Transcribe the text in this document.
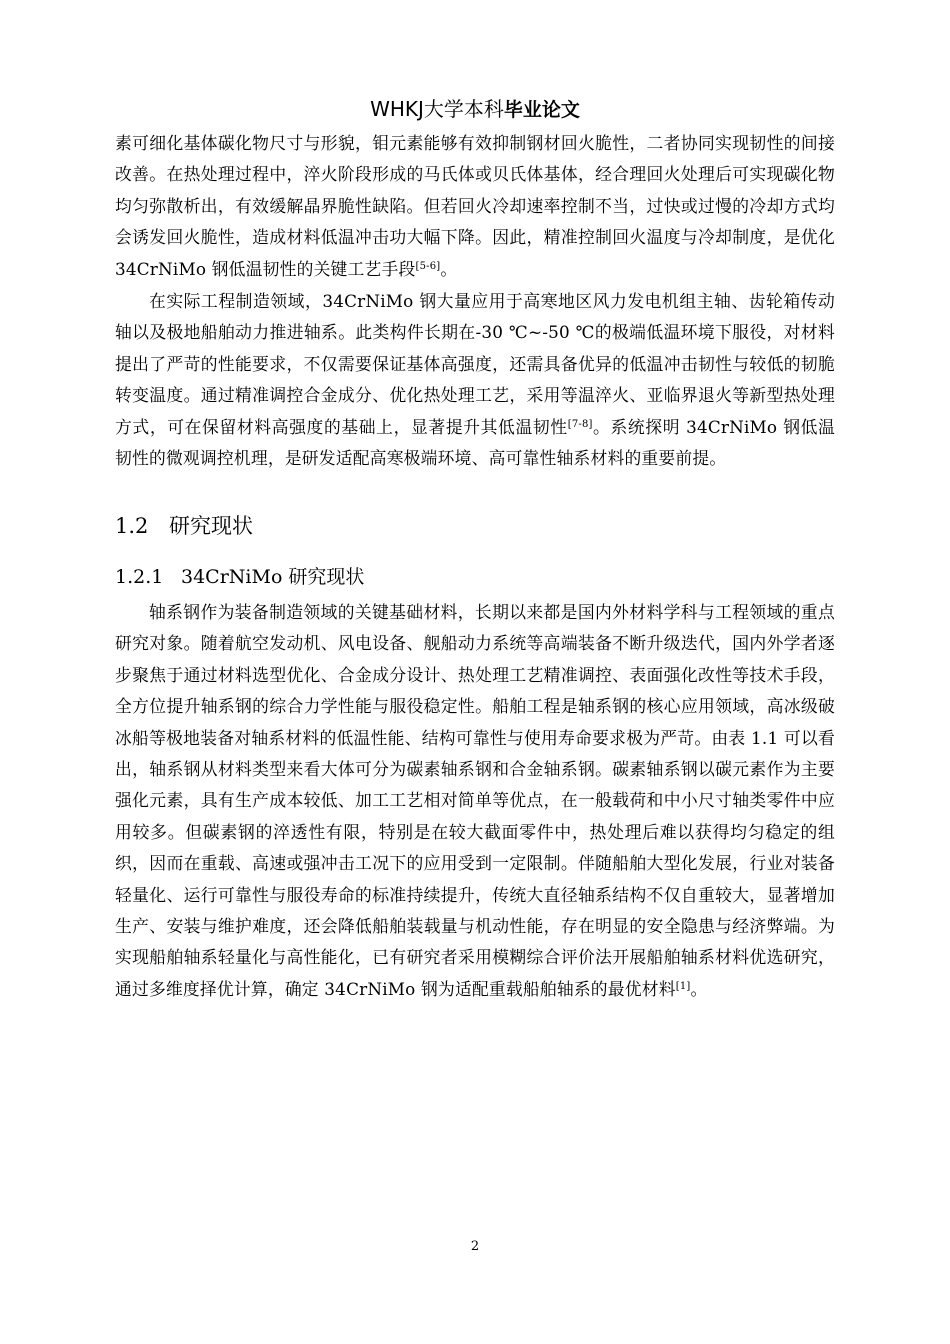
WHKJ大学本科毕业论文

素可细化基体碳化物尺寸与形貌，钼元素能够有效抑制钢材回火脆性，二者协同实现韧性的间接改善。在热处理过程中，淬火阶段形成的马氏体或贝氏体基体，经合理回火处理后可实现碳化物均匀弥散析出，有效缓解晶界脆性缺陷。但若回火冷却速率控制不当，过快或过慢的冷却方式均会诱发回火脆性，造成材料低温冲击功大幅下降。因此，精准控制回火温度与冷却制度，是优化 34CrNiMo 钢低温韧性的关键工艺手段[5-6]。

在实际工程制造领域，34CrNiMo 钢大量应用于高寒地区风力发电机组主轴、齿轮箱传动轴以及极地船舶动力推进轴系。此类构件长期在-30 ℃~-50 ℃的极端低温环境下服役，对材料提出了严苛的性能要求，不仅需要保证基体高强度，还需具备优异的低温冲击韧性与较低的韧脆转变温度。通过精准调控合金成分、优化热处理工艺，采用等温淬火、亚临界退火等新型热处理方式，可在保留材料高强度的基础上，显著提升其低温韧性[7-8]。系统探明 34CrNiMo 钢低温韧性的微观调控机理，是研发适配高寒极端环境、高可靠性轴系材料的重要前提。

1.2 研究现状
1.2.1 34CrNiMo 研究现状

轴系钢作为装备制造领域的关键基础材料，长期以来都是国内外材料学科与工程领域的重点研究对象。随着航空发动机、风电设备、舰船动力系统等高端装备不断升级迭代，国内外学者逐步聚焦于通过材料选型优化、合金成分设计、热处理工艺精准调控、表面强化改性等技术手段，全方位提升轴系钢的综合力学性能与服役稳定性。船舶工程是轴系钢的核心应用领域，高冰级破冰船等极地装备对轴系材料的低温性能、结构可靠性与使用寿命要求极为严苛。由表 1.1 可以看出，轴系钢从材料类型来看大体可分为碳素轴系钢和合金轴系钢。碳素轴系钢以碳元素作为主要强化元素，具有生产成本较低、加工工艺相对简单等优点，在一般载荷和中小尺寸轴类零件中应用较多。但碳素钢的淬透性有限，特别是在较大截面零件中，热处理后难以获得均匀稳定的组织，因而在重载、高速或强冲击工况下的应用受到一定限制。伴随船舶大型化发展，行业对装备轻量化、运行可靠性与服役寿命的标准持续提升，传统大直径轴系结构不仅自重较大，显著增加生产、安装与维护难度，还会降低船舶装载量与机动性能，存在明显的安全隐患与经济弊端。为实现船舶轴系轻量化与高性能化，已有研究者采用模糊综合评价法开展船舶轴系材料优选研究，通过多维度择优计算，确定 34CrNiMo 钢为适配重载船舶轴系的最优材料[1]。

2
